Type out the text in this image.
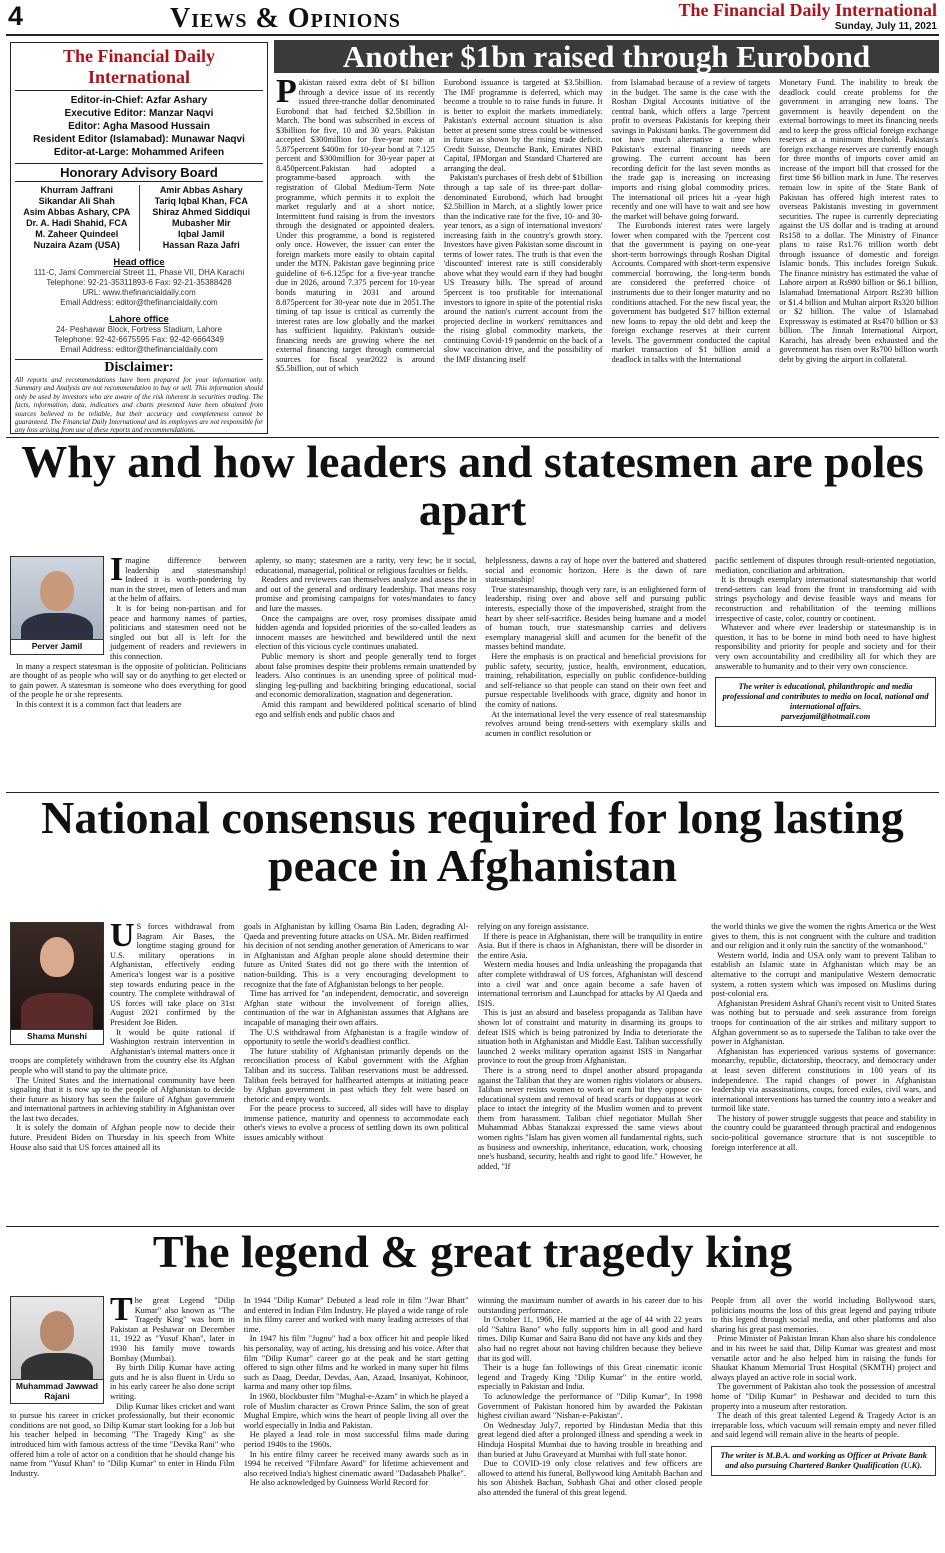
4	Views & Opinions	The Financial Daily International
Sunday, July 11, 2021
The Financial Daily International
Editor-in-Chief: Azfar Ashary
Executive Editor: Manzar Naqvi
Editor: Agha Masood Hussain
Resident Editor (Islamabad): Munawar Naqvi
Editor-at-Large: Mohammed Arifeen
Honorary Advisory Board
Khurram Jaffrani
Sikandar Ali Shah
Asim Abbas Ashary, CPA
Dr. A. Hadi Shahid, FCA
M. Zaheer Quindeel
Nuzaira Azam (USA)
Amir Abbas Ashary
Tariq Iqbal Khan, FCA
Shiraz Ahmed Siddiqui
Mubasher Mir
Iqbal Jamil
Hassan Raza Jafri
Head office
111-C, Jami Commercial Street 11, Phase VII, DHA Karachi
Telephone: 92-21-35311893-6 Fax: 92-21-35388428
URL: www.thefinancialdaily.com
Email Address: editor@thefinancialdaily.com
Lahore office
24- Peshawar Block, Fortress Stadium, Lahore
Telephone: 92-42-6675595 Fax: 92-42-6664349
Email Address: editor@thefinancialdaily.com
Disclaimer:
All reports and recommendations have been prepared for your information only. Summary and Analysis are not recommendation to buy or sell. This information should only be used by investors who are aware of the risk inherent in securities trading. The facts, information, data, indicators and charts presented have been obtained from sources believed to be reliable, but their accuracy and completeness cannot be guaranteed. The Financial Daily International and its employees are not responsible for any loss arising from use of these reports and recommendations.
Another $1bn raised through Eurobond
P akistan raised extra debt of $1 billion through a device issue of its recently issued three-tranche dollar denominated Eurobond that had fetched $2.5billion in March. The bond was subscribed in excess of $3billion for five, 10 and 30 years. Pakistan accepted $300million for five-year note at 5.875percent $400m for 10-year bond at 7.125 percent and $300million for 30-year paper at 8.450percent.Pakistan had adopted a programme-based approach with the registration of Global Medium-Term Note programme, which permits it to exploit the market regularly and at a short notice. Intermittent fund raising is from the investors through the designated or appointed dealers. Under this programme, a bond is registered only once. However, the issuer can enter the foreign markets more easily to obtain capital under the MTN. Pakistan gave beginning price guideline of 6-6.125pc for a five-year tranche due in 2026, around 7.375 percent for 10-year bonds maturing in 2031 and around 8.875percent for 30-year note due in 2051.The timing of tap issue is critical as currently the interest rates are low globally and the market has sufficient liquidity. Pakistan's outside financing needs are growing where the net external financing target through commercial sources for fiscal year2022 is around $5.5billion, out of which
Eurobond issuance is targeted at $3.5billion. The IMF programme is deferred, which may become a trouble to to raise funds in future. It is better to exploit the markets immediately. Pakistan's external account situation is also better at present some stress could be witnessed in future as shown by the rising trade deficit. Credit Suisse, Deutsche Bank, Emirates NBD Capital, JPMorgan and Standard Chartered are arranging the deal.

Pakistan's purchases of fresh debt of $1billion through a tap sale of its three-part dollar-denominated Eurobond, which had brought $2.5billion in March, at a slightly lower price than the indicative rate for the five, 10- and 30-year tenors, as a sign of international investors' increasing faith in the country's growth story. Investors have given Pakistan some discount in terms of lower rates. The truth is that even the 'discounted' interest rate is still considerably above what they would earn if they had bought US Treasury bills. The spread of around 5percent is too profitable for international investors to ignore in spite of the potential risks around the nation's current account from the projected decline in workers' remittances and the rising global commodity markets, the continuing Covid-19 pandemic on the back of a slow vaccination drive, and the possibility of the IMF distancing itself

from Islamabad because of a review of targets in the budget. The same is the case with the Roshan Digital Accounts initiative of the central bank, which offers a large 7percent profit to overseas Pakistanis for keeping their savings in Pakistani banks. The government did not have much alternative a time when Pakistan's external financing needs are growing. The current account has been recording deficit for the last seven months as the trade gap is increasing on increasing imports and rising global commodity prices. The international oil prices hit a -year high recently and one will have to wait and see how the market will behave going forward.

The Eurobonds interest rates were largely lower when compared with the 7percent cost that the government is paying on one-year short-term borrowings through Roshan Digital Accounts. Compared with short-term expensive commercial borrowing, the long-term bonds are considered the preferred choice of instruments due to their longer maturity and no conditions attached. For the new fiscal year, the government has budgeted $17 billion external new loans to repay the old debt and keep the foreign exchange reserves at their current levels. The government conducted the capital market transaction of $1 billion amid a deadlock in talks with the International

Monetary Fund. The inability to break the deadlock could create problems for the government in arranging new loans. The government is heavily dependent on the external borrowings to meet its financing needs and to keep the gross official foreign exchange reserves at a minimum threshold. Pakistan's foreign exchange reserves are currently enough for three months of imports cover amid an increase of the import bill that crossed for the first time $6 billion mark in June. The reserves remain low in spite of the State Bank of Pakistan has offered high interest rates to overseas Pakistanis investing in government securities. The rupee is currently depreciating against the US dollar and is trading at around Rs158 to a dollar. The Ministry of Finance plans to raise Rs1.76 trillion worth debt through issuance of domestic and foreign Islamic bonds. This includes foreign Sukuk. The finance ministry has estimated the value of Lahore airport at Rs980 billion or $6.1 billion, Islamabad International Airport Rs230 billion or $1.4 billion and Multan airport Rs320 billion or $2 billion. The value of Islamabad Expressway is estimated at Rs470 billion or $3 billion. The Jinnah International Airport, Karachi, has already been exhausted and the government has risen over Rs700 billion worth debt by giving the airport in collateral.
Why and how leaders and statesmen are poles apart
Perver Jamil
I magine difference between leadership and statesmanship! Indeed it is worth-pondering by man in the street, men of letters and man at the helm of affairs.

It is for being non-partisan and for peace and harmony names of parties, politicians and statesmen need not be singled out but all is left for the judgement of readers and reviewers in this connection.

In many a respect statesman is the opposite of politician. Politicians are thought of as people who will say or do anything to get elected or to gain power. A statesman is someone who does everything for good of the people he or she represents.

In this context it is a common fact that leaders are

aplenty, so many; statesmen are a rarity, very few; be it social, educational, managerial, political or religious faculties or fields.

Readers and reviewers can themselves analyze and assess the in and out of the general and ordinary leadership. That means rosy promise and promising campaigns for votes/mandates to fancy and lure the masses.

Once the campaigns are over, rosy promises dissipate amid hidden agenda and lopsided priorities of the so-called leaders as innocent masses are bewitched and bewildered until the next election of this vicious cycle continues unabated.

Public memory is short and people generally tend to forget about false promises despite their problems remain unattended by leaders. Also continues is an unending spree of political mud-slinging leg-pulling and backbiting bringing educational, social and economic demoralization, stagnation and degeneration.

Amid this rampant and bewildered political scenario of blind ego and selfish ends and public chaos and

helplessness, dawns a ray of hope over the battered and shattered social and economic horizon. Here is the dawn of rare statesmanship!

True statesmanship, though very rare, is an enlightened form of leadership, rising over and above self and pursuing public interests, especially those of the impoverished, straight from the heart by sheer self-sacrifice. Besides being humane and a model of human touch, true statesmanship carries and delivers exemplary managerial skill and acumen for the benefit of the masses behind mandate.

Here the emphasis is on practical and beneficial provisions for public safety, security, justice, health, environment, education, training, rehabilitation, especially on public confidence-building and self-reliance so that people can stand on their own feet and pursue respectable livelihoods with grace, dignity and honor in the comity of nations.

At the international level the very essence of real statesmanship revolves around being trend-setters with exemplary skills and acumen in conflict resolution or

pacific settlement of disputes through result-oriented negotiation, mediation, conciliation and arbitration.

It is through exemplary international statesmanship that world trend-setters can lead from the front in transforming aid with strings psychology and devise feasible ways and means for reconstruction and rehabilitation of the teeming millions irrespective of caste, color, country or continent.

Whatever and where ever leadership or statesmanship is in question, it has to be borne in mind both need to have highest responsibility and priority for people and society and for their very own accountability and credibility all for which they are answerable to humanity and to their very own conscience.

The writer is educational, philanthropic and media professional and contributes to media on local, national and international affairs.
parvezjamil@hotmail.com
National consensus required for long lasting peace in Afghanistan
Shama Munshi
U S forces withdrawal from Bagram Air Bases, the longtime staging ground for U.S. military operations in Afghanistan, effectively ending America's longest war is a positive step towards enduring peace in the country. The complete withdrawal of US forces will take place on 31st August 2021 confirmed by the President Joe Biden.

It would be quite rational if Washington restrain intervention in Afghanistan's internal matters once it troops are completely withdrawn from the country else its Afghan people who will stand to pay the ultimate price.

The United States and the international community have been signaling that it is now up to the people of Afghanistan to decide their future as history has seen the failure of Afghan government and international partners in achieving stability in Afghanistan over the last two decades.

It is solely the domain of Afghan people now to decide their future. President Biden on Thursday in his speech from White House also said that US forces attained all its

goals in Afghanistan by killing Osama Bin Laden, degrading Al-Qaeda and preventing future attacks on USA. Mr. Biden reaffirmed his decision of not sending another generation of Americans to war in Afghanistan and Afghan people alone should determine their future as United States did not go there with the intention of nation-building. This is a very encouraging development to recognize that the fate of Afghanistan belongs to her people.

Time has arrived for "an independent, democratic, and sovereign Afghan state without the involvement of foreign allies, continuation of the war in Afghanistan assumes that Afghans are incapable of managing their own affairs.

The U.S withdrawal from Afghanistan is a fragile window of opportunity to settle the world's deadliest conflict.

The future stability of Afghanistan primarily depends on the reconciliation process of Kabul government with the Afghan Taliban and its success. Taliban reservations must be addressed. Taliban feels betrayed for halfhearted attempts at initiating peace by Afghan government in past which they felt were based on rhetoric and empty words.

For the peace process to succeed, all sides will have to display immense patience, maturity and openness to accommodate each other's views to evolve a process of settling down its own political issues amicably without

relying on any foreign assistance.

If there is peace in Afghanistan, there will be tranquility in entire Asia. But if there is chaos in Afghanistan, there will be disorder in the entire Asia.

Western media houses and India unleashing the propaganda that after complete withdrawal of US forces, Afghanistan will descend into a civil war and once again become a safe haven of international terrorism and Launchpad for attacks by Al Qaeda and ISIS.

This is just an absurd and baseless propaganda as Taliban have shown lot of constraint and maturity in disarming its groups to defeat ISIS which is being patronized by India to deteriorate the situation both in Afghanistan and Middle East. Taliban successfully launched 2 weeks military operation against ISIS in Nangarhar province to rout the group from Afghanistan.

There is a strong need to dispel another absurd propaganda against the Taliban that they are women rights violators or abusers. Taliban never resists women to work or earn but they oppose co-educational system and removal of head scarfs or duppatas at work place to intact the integrity of the Muslim women and to prevent them from harassment. Taliban chief negotiator Mullah Sher Muhammad Abbas Stanakzai expressed the same views about women rights "Islam has given women all fundamental rights, such as business and ownership, inheritance, education, work, choosing one's husband, security, health and right to good life." However, he added, "If

the world thinks we give the women the rights America or the West gives to them, this is not congruent with the culture and tradition and our religion and it only ruin the sanctity of the womanhood."

Western world, India and USA only want to prevent Taliban to establish an Islamic state in Afghanistan which may be an alternative to the corrupt and manipulative Western democratic system, a rotten system which was imposed on Muslims during post-colonial era.

Afghanistan President Ashraf Ghani's recent visit to United States was nothing but to persuade and seek assurance from foreign troops for continuation of the air strikes and military support to Afghan government so as to supersede the Taliban to take over the power in Afghanistan.

Afghanistan has experienced various systems of governance: monarchy, republic, dictatorship, theocracy, and democracy under at least seven different constitutions in 100 years of its independence. The rapid changes of power in Afghanistan leadership via assassinations, coups, forced exiles, civil wars, and international interventions has turned the country into a weaker and turmoil like state.

The history of power struggle suggests that peace and stability in the country could be guaranteed through practical and endogenous socio-political governance structure that is not susceptible to foreign interference at all.

The legend & great tragedy king
Muhammad Jawwad Rajani
T he great Legend "Dilip Kumar" also known as "The Tragedy King" was born in Pakistan at Peshawar on December 11, 1922 as "Yusuf Khan", later in 1930 his family move towards Bombay (Mumbai).

By birth Dilip Kumar have acting guts and he is also fluent in Urdu so in his early career he also done script writing.

Dilip Kumar likes cricket and want to pursue his career in cricket professionally, but their economic conditions are not good, so Dilip Kumar start looking for a Job but his teacher helped in becoming "The Tragedy King" as she introduced him with famous actress of the time "Devika Rani" who offered him a role of actor on a condition that he should change his name from "Yusuf Khan" to "Dilip Kumar" to enter in Hindu Film Industry.

In 1944 "Dilip Kumar" Debuted a lead role in film "Jwar Bhatt" and entered in Indian Film Industry. He played a wide range of role in his filmy career and worked with many leading actresses of that time.

In 1947 his film "Jugnu" had a box officer hit and people liked his personality, way of acting, his dressing and his voice. After that film "Dilip Kumar" career go at the peak and he start getting offered to sign other films and he worked in many super hit films such as Daag, Deedar, Devdas, Aan, Azaad, Insaniyat, Kohinoor, karma and many other top films.

In 1960, blockbuster film "Mughal-e-Azam" in which he played a role of Muslim character as Crown Prince Salim, the son of great Mughal Empire, which wins the heart of people living all over the world especially in India and Pakistan.

He played a lead role in most successful films made during period 1940s to the 1960s.

In his entire filmy career he received many awards such as in 1994 he received "Filmfare Award" for lifetime achievement and also received India's highest cinematic award "Dadasaheb Phalke".

He also acknowledged by Guinness World Record for

winning the maximum number of awards in his career due to his outstanding performance.

In October 11, 1966, He married at the age of 44 with 22 years old "Sahira Bano" who fully supports him in all good and hard times. Dilip Kumar and Saira Banu did not have any kids and they also had no regret about not having children because they believe that its god will.

Their is a huge fan followings of this Great cinematic iconic legend and Tragedy King "Dilip Kumar" in the entire world, especially in Pakistan and India.

To acknowledge the performance of "Dilip Kumar", In 1998 Government of Pakistan honored him by awarded the Pakistan highest civilian award "Nishan-e-Pakistan".

On Wednesday July7, reported by Hindustan Media that this great legend died after a prolonged illness and spending a week in Hinduja Hospital Mumbai due to having trouble in breathing and than buried at Juhu Graveyard at Mumbai with full state honor.

Due to COVID-19 only close relatives and few officers are allowed to attend his funeral, Bollywood king Amitabh Bachan and his son Abishek Bachan, Subhash Ghai and other closed people also attended the funeral of this great legend.

People from all over the world including Bollywood stars, politicians mourns the loss of this great legend and paying tribute to this legend through social media, and other platforms and also sharing his great past memories.

Prime Minister of Pakistan Imran Khan also share his condolence and in his tweet he said that, Dilip Kumar was greatest and most versatile actor and he also helped him in raising the funds for Shaukat Khanum Memorial Trust Hospital (SKMTH) project and always played an active role in social work.

The government of Pakistan also took the possession of ancestral home of "Dilip Kumar" in Peshawar and decided to turn this property into a museum after restoration.

The death of this great talented Legend & Tragedy Actor is an irreparable loss, which vacuum will remain empty and never filled and said legend will remain alive in the hearts of people.

The writer is M.B.A. and working as Officer at Private Bank and also pursuing Chartered Banker Qualification (U.K).
